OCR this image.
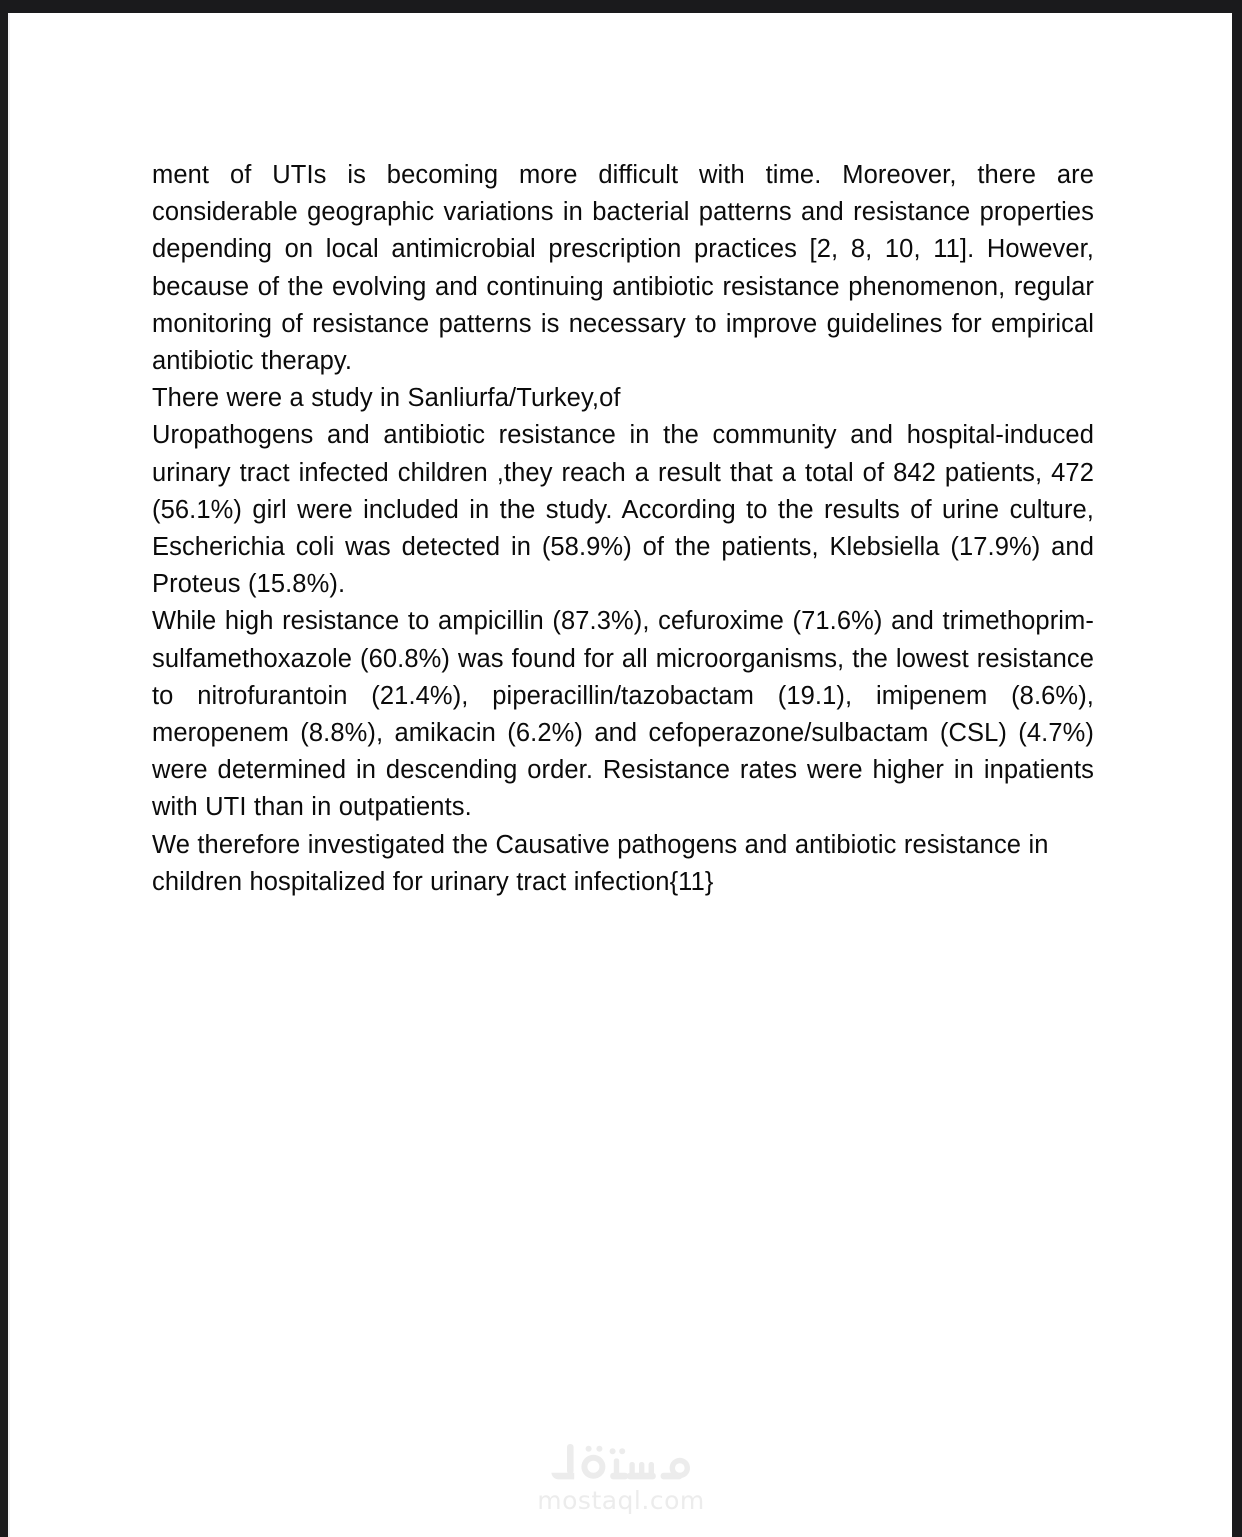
ment of UTIs is becoming more difficult with time. Moreover, there are considerable geographic variations in bacterial patterns and resistance properties depending on local antimicrobial prescription practices [2, 8, 10, 11]. However, because of the evolving and continuing antibiotic resistance phenomenon, regular monitoring of resistance patterns is necessary to improve guidelines for empirical antibiotic therapy.

There were a study in Sanliurfa/Turkey,of

Uropathogens and antibiotic resistance in the community and hospital-induced urinary tract infected children ,they reach a result that a total of 842 patients, 472 (56.1%) girl were included in the study. According to the results of urine culture, Escherichia coli was detected in (58.9%) of the patients, Klebsiella (17.9%) and Proteus (15.8%).

While high resistance to ampicillin (87.3%), cefuroxime (71.6%) and trimethoprim-sulfamethoxazole (60.8%) was found for all microorganisms, the lowest resistance to nitrofurantoin (21.4%), piperacillin/tazobactam (19.1), imipenem (8.6%), meropenem (8.8%), amikacin (6.2%) and cefoperazone/sulbactam (CSL) (4.7%) were determined in descending order. Resistance rates were higher in inpatients with UTI than in outpatients.

We therefore investigated the Causative pathogens and antibiotic resistance in

children hospitalized for urinary tract infection{11}

mostaql.com
